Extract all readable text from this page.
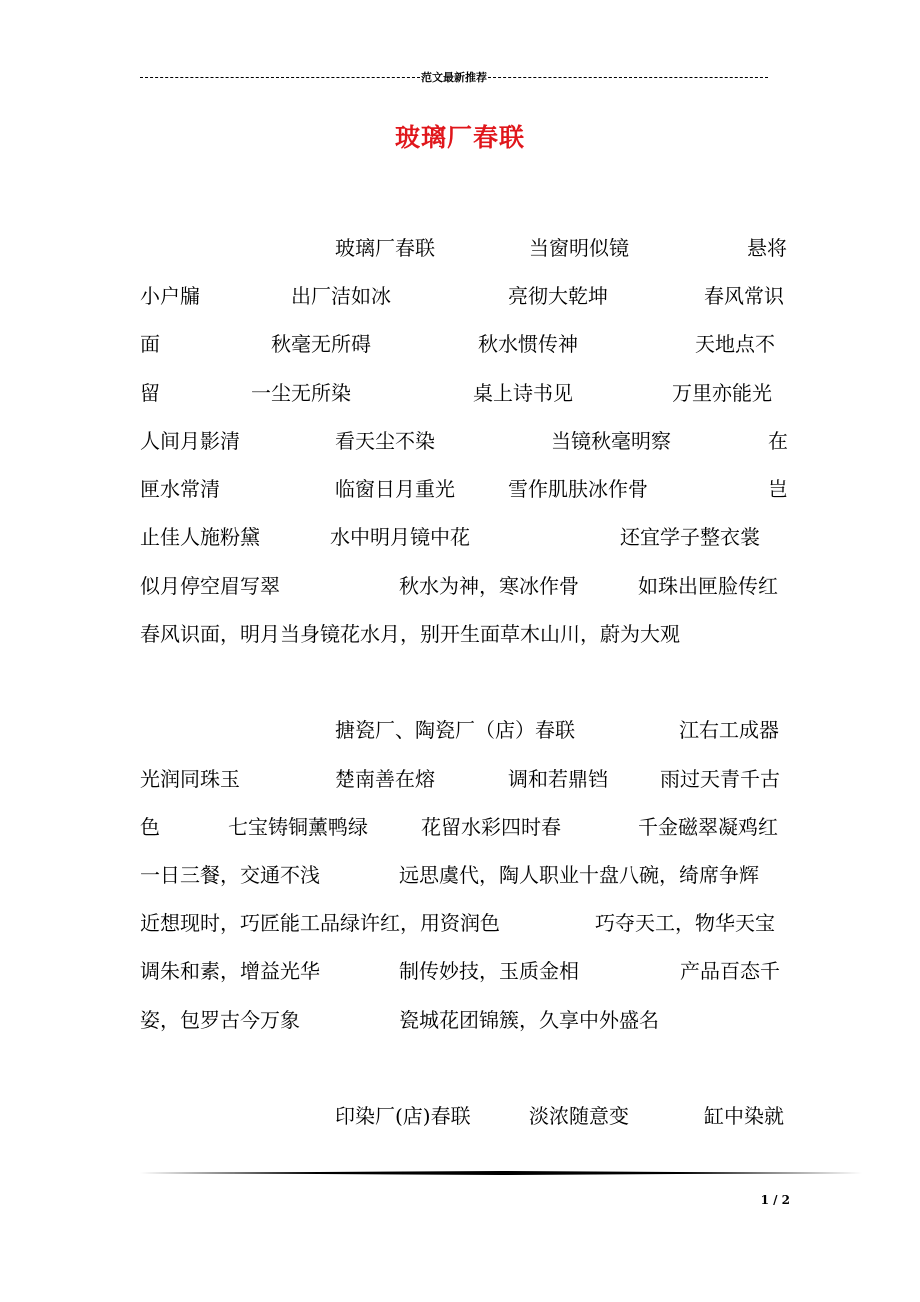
范文最新推荐
玻璃厂春联
玻璃厂春联	当窗明似镜	悬将
小户牖	出厂洁如冰	亮彻大乾坤	春风常识
面	秋毫无所碍	秋水惯传神	天地点不
留	一尘无所染	桌上诗书见	万里亦能光
人间月影清	看天尘不染	当镜秋毫明察	在
匣水常清	临窗日月重光	雪作肌肤冰作骨	岂
止佳人施粉黛	水中明月镜中花	还宜学子整衣裳
似月停空眉写翠	秋水为神，寒冰作骨	如珠出匣脸传红
春风识面，明月当身镜花水月，别开生面草木山川，蔚为大观
搪瓷厂、陶瓷厂（店）春联	江右工成器
光润同珠玉	楚南善在熔	调和若鼎铛	雨过天青千古
色	七宝铸铜薰鸭绿	花留水彩四时春	千金磁翠凝鸡红
一日三餐，交通不浅	远思虞代，陶人职业十盘八碗，绮席争辉
近想现时，巧匠能工品绿许红，用资润色	巧夺天工，物华天宝
调朱和素，增益光华	制传妙技，玉质金相	产品百态千
姿，包罗古今万象	瓷城花团锦簇，久享中外盛名
印染厂(店)春联	淡浓随意变	缸中染就
1 / 2
